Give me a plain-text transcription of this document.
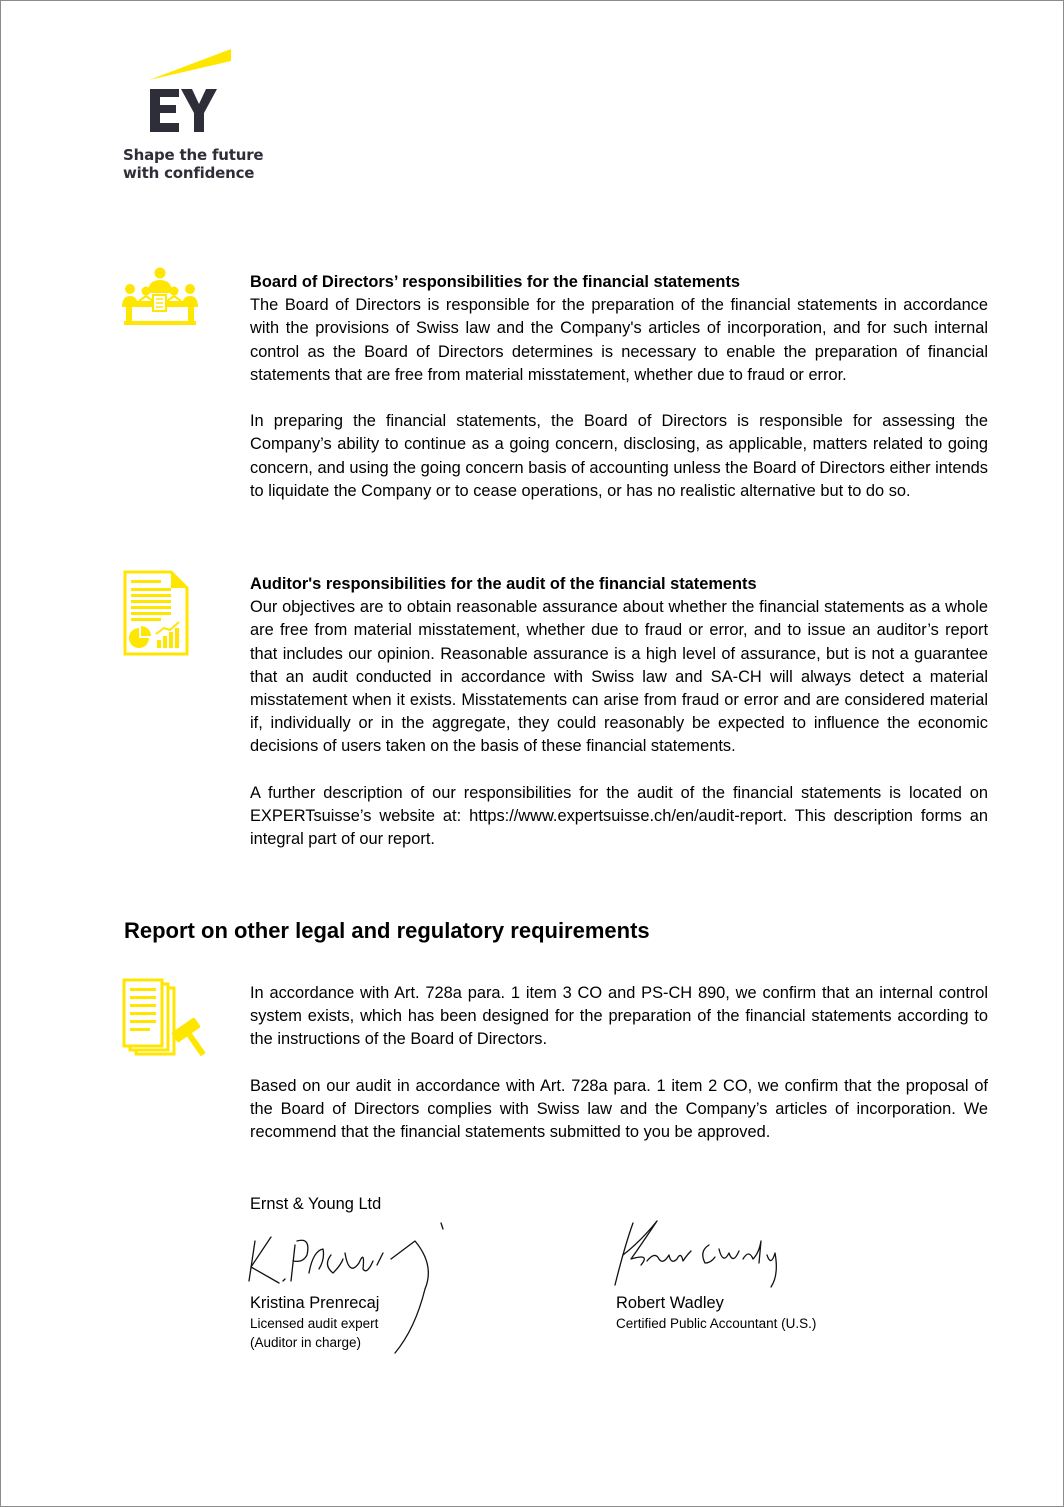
Shape the future
with confidence

Board of Directors’ responsibilities for the financial statements

The Board of Directors is responsible for the preparation of the financial statements in accordance with the provisions of Swiss law and the Company's articles of incorporation, and for such internal control as the Board of Directors determines is necessary to enable the preparation of financial statements that are free from material misstatement, whether due to fraud or error.

In preparing the financial statements, the Board of Directors is responsible for assessing the Company’s ability to continue as a going concern, disclosing, as applicable, matters related to going concern, and using the going concern basis of accounting unless the Board of Directors either intends to liquidate the Company or to cease operations, or has no realistic alternative but to do so.

Auditor's responsibilities for the audit of the financial statements

Our objectives are to obtain reasonable assurance about whether the financial statements as a whole are free from material misstatement, whether due to fraud or error, and to issue an auditor’s report that includes our opinion. Reasonable assurance is a high level of assurance, but is not a guarantee that an audit conducted in accordance with Swiss law and SA-CH will always detect a material misstatement when it exists. Misstatements can arise from fraud or error and are considered material if, individually or in the aggregate, they could reasonably be expected to influence the economic decisions of users taken on the basis of these financial statements.

A further description of our responsibilities for the audit of the financial statements is located on EXPERTsuisse’s website at: https://www.expertsuisse.ch/en/audit-report. This description forms an integral part of our report.

Report on other legal and regulatory requirements

In accordance with Art. 728a para. 1 item 3 CO and PS-CH 890, we confirm that an internal control system exists, which has been designed for the preparation of the financial statements according to the instructions of the Board of Directors.

Based on our audit in accordance with Art. 728a para. 1 item 2 CO, we confirm that the proposal of the Board of Directors complies with Swiss law and the Company’s articles of incorporation. We recommend that the financial statements submitted to you be approved.

Ernst & Young Ltd
Kristina Prenrecaj
Licensed audit expert
(Auditor in charge)
Robert Wadley
Certified Public Accountant (U.S.)
